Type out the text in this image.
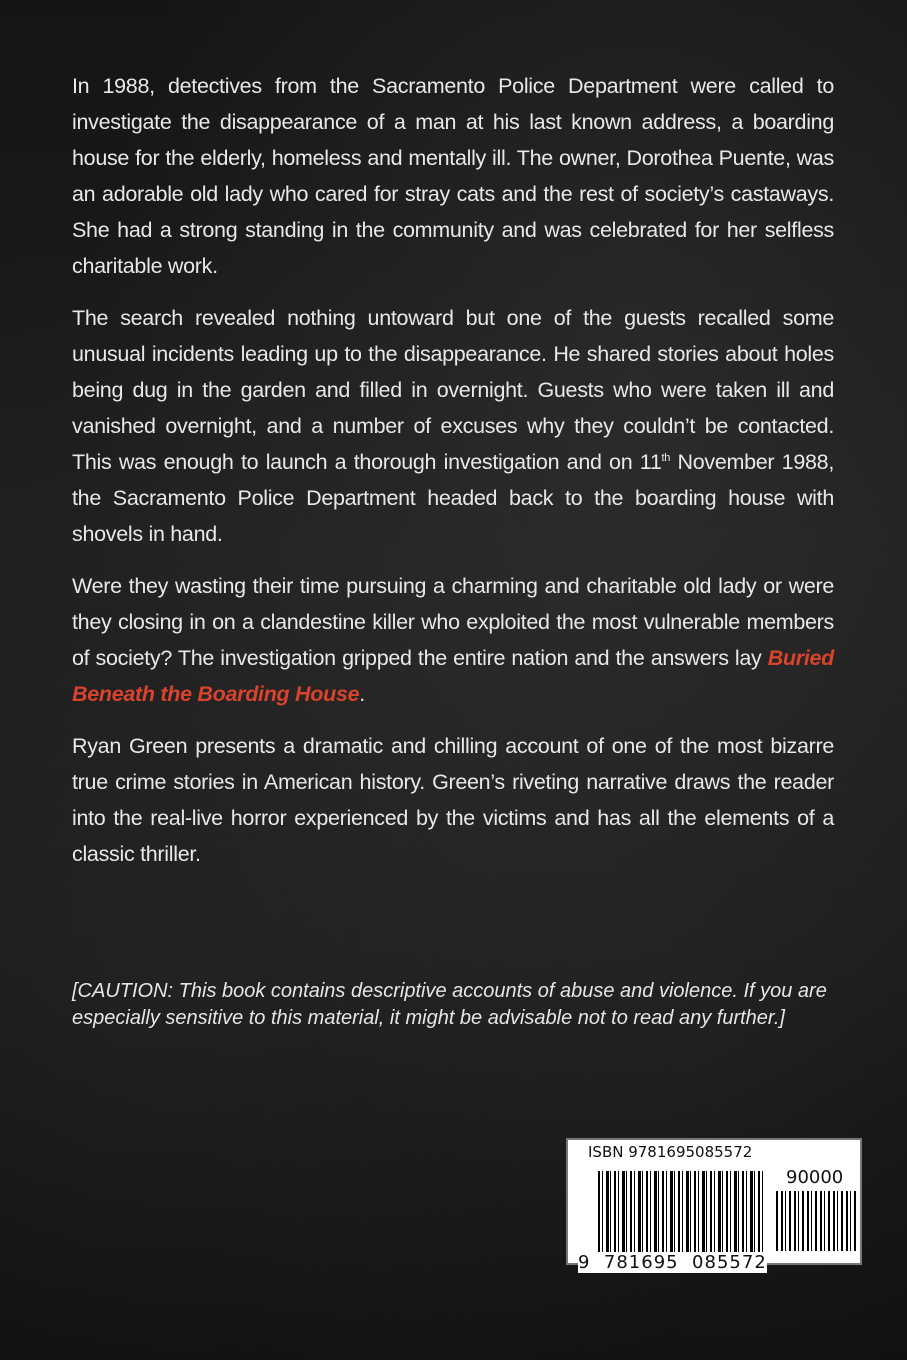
In 1988, detectives from the Sacramento Police Department were called to investigate the disappearance of a man at his last known address, a boarding house for the elderly, homeless and mentally ill. The owner, Dorothea Puente, was an adorable old lady who cared for stray cats and the rest of society’s castaways. She had a strong standing in the community and was celebrated for her selfless charitable work.

The search revealed nothing untoward but one of the guests recalled some unusual incidents leading up to the disappearance. He shared stories about holes being dug in the garden and filled in overnight. Guests who were taken ill and vanished overnight, and a number of excuses why they couldn’t be contacted. This was enough to launch a thorough investigation and on 11th November 1988, the Sacramento Police Department headed back to the boarding house with shovels in hand.

Were they wasting their time pursuing a charming and charitable old lady or were they closing in on a clandestine killer who exploited the most vulnerable members of society? The investigation gripped the entire nation and the answers lay Buried Beneath the Boarding House.

Ryan Green presents a dramatic and chilling account of one of the most bizarre true crime stories in American history. Green’s riveting narrative draws the reader into the real-live horror experienced by the victims and has all the elements of a classic thriller.

[CAUTION: This book contains descriptive accounts of abuse and violence. If you are especially sensitive to this material, it might be advisable not to read any further.]
ISBN 9781695085572
90000
9  781695  085572
